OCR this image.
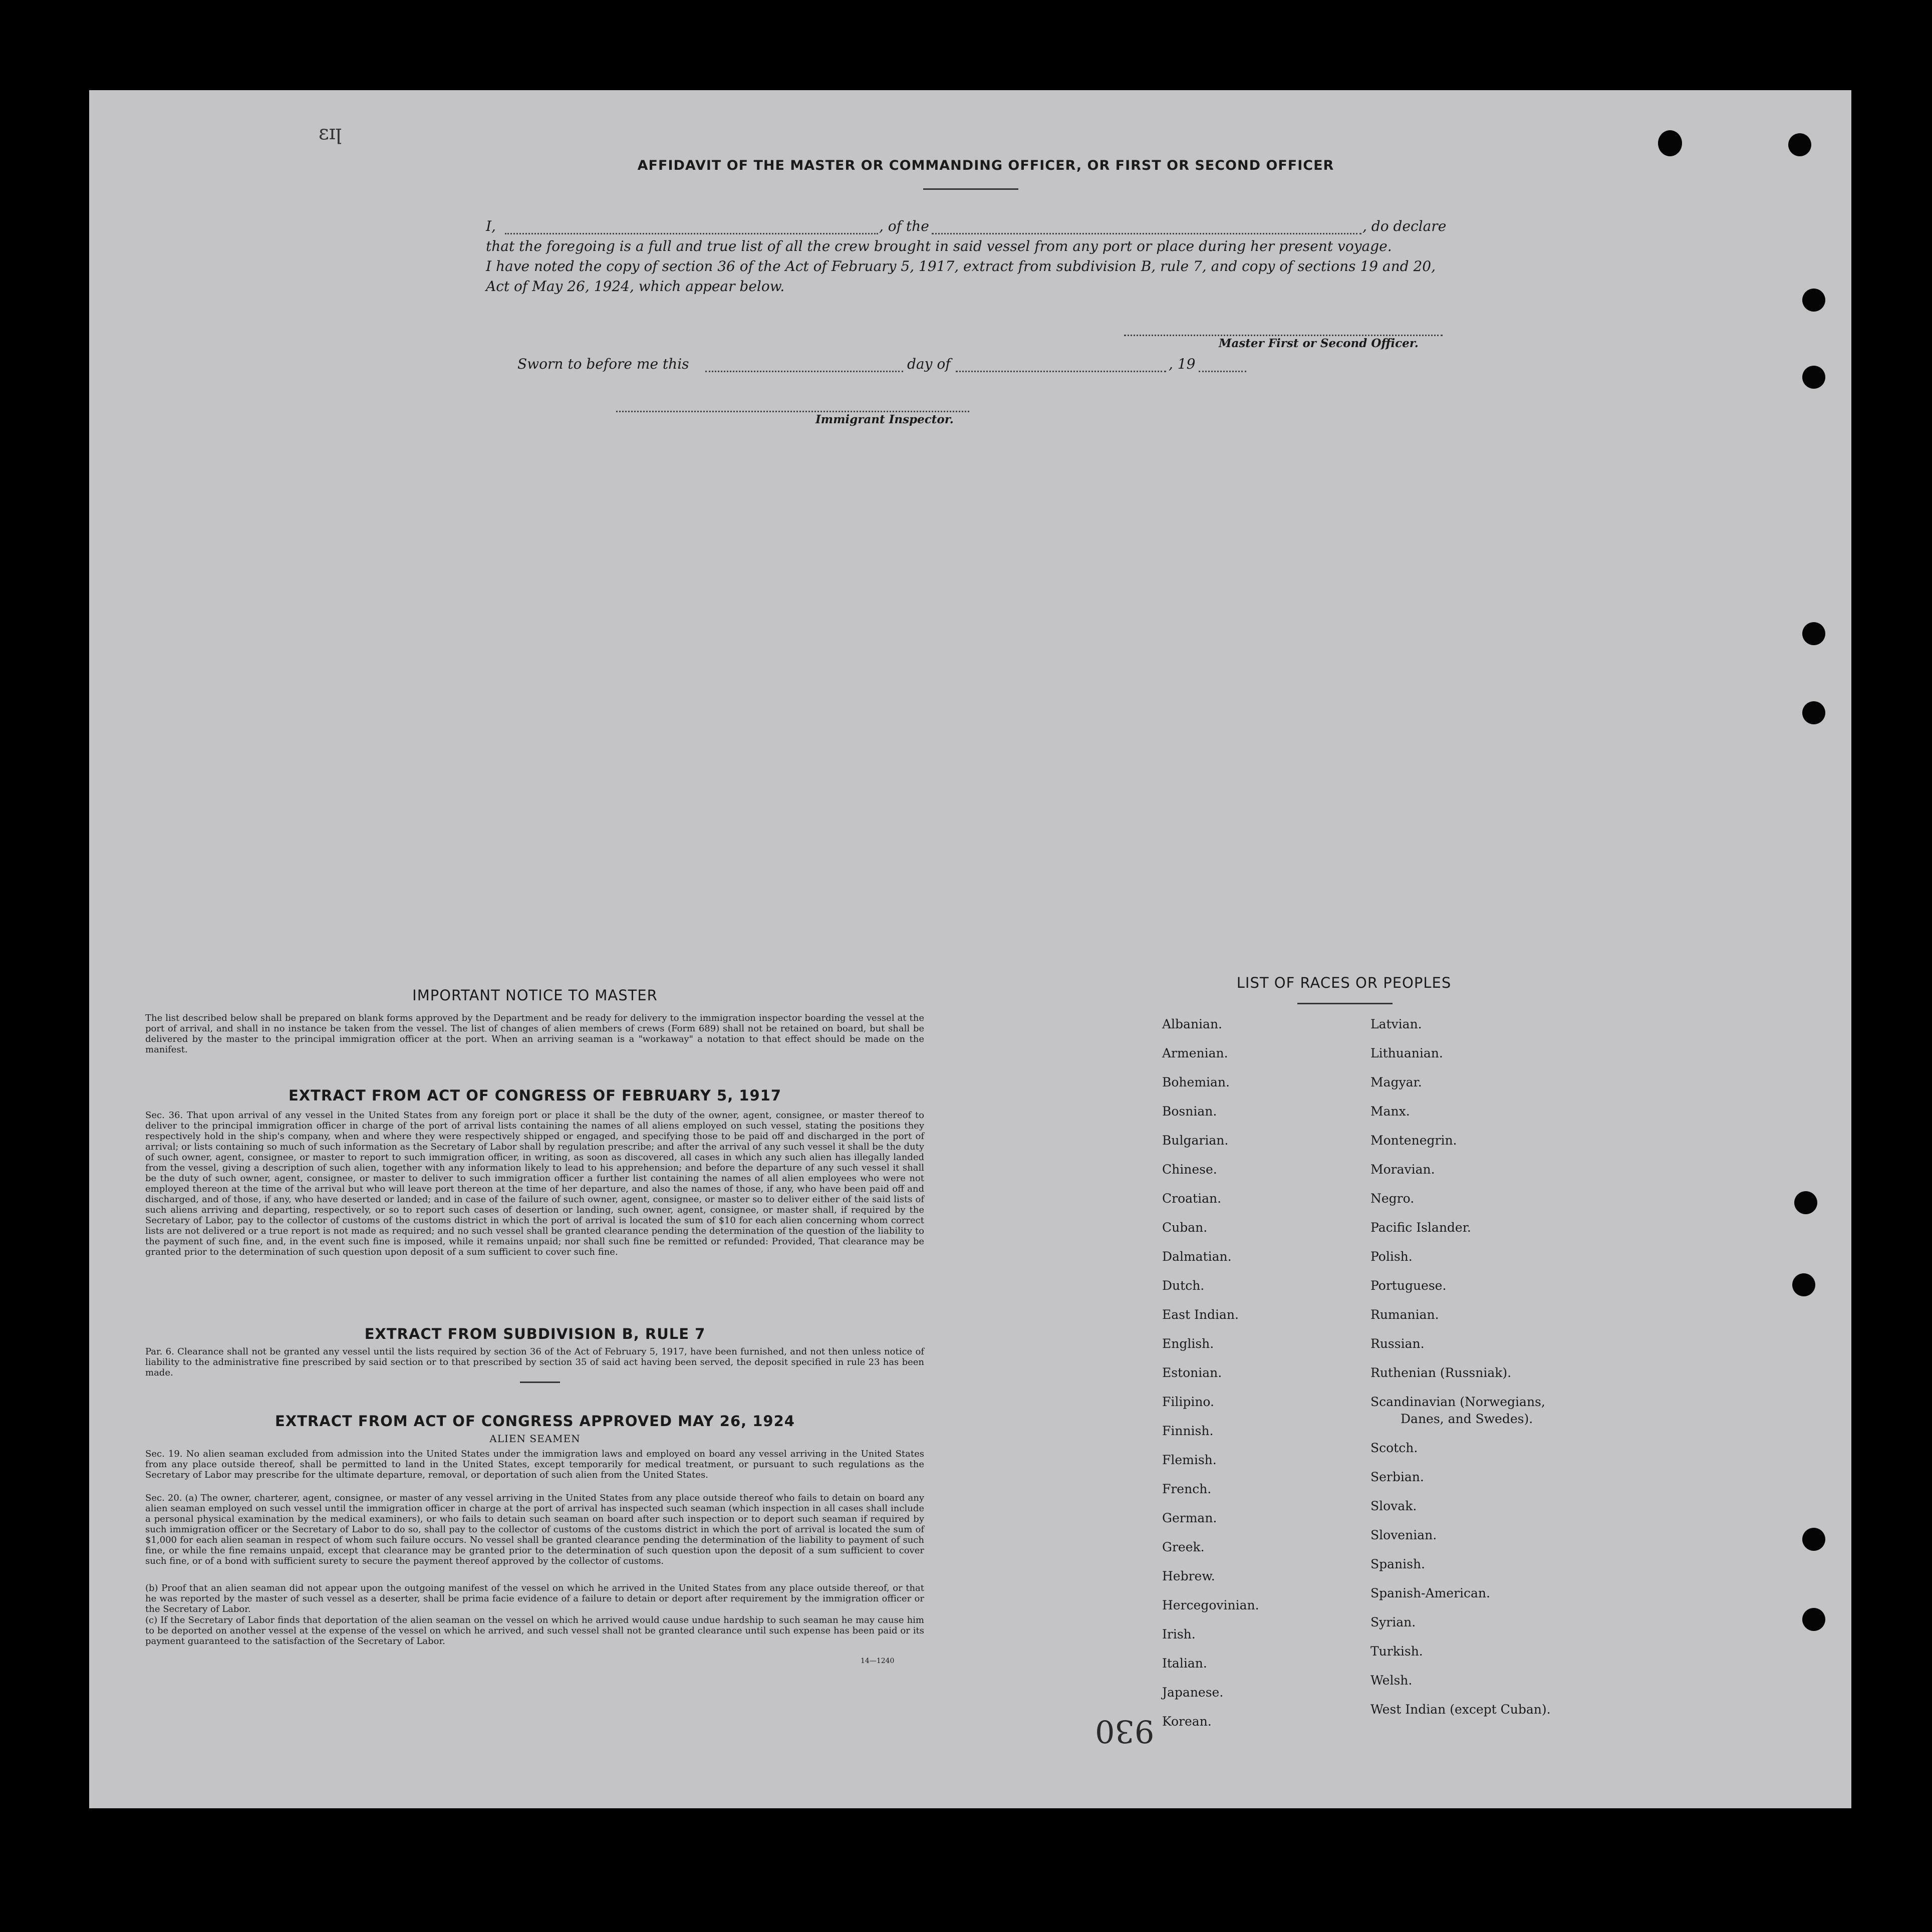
ɛɪꞁ
AFFIDAVIT OF THE MASTER OR COMMANDING OFFICER, OR FIRST OR SECOND OFFICER
I,	, of the	, do declare
that the foregoing is a full and true list of all the crew brought in said vessel from any port or place during her present voyage.
I have noted the copy of section 36 of the Act of February 5, 1917, extract from subdivision B, rule 7, and copy of sections 19 and 20,
Act of May 26, 1924, which appear below.
Master First or Second Officer.
Sworn to before me this	day of	, 19
Immigrant Inspector.
IMPORTANT NOTICE TO MASTER
The list described below shall be prepared on blank forms approved by the Department and be ready for delivery to the immigration inspector boarding the vessel at the port of arrival, and shall in no instance be taken from the vessel. The list of changes of alien members of crews (Form 689) shall not be retained on board, but shall be delivered by the master to the principal immigration officer at the port. When an arriving seaman is a "workaway" a notation to that effect should be made on the manifest.
EXTRACT FROM ACT OF CONGRESS OF FEBRUARY 5, 1917
Sec. 36. That upon arrival of any vessel in the United States from any foreign port or place it shall be the duty of the owner, agent, consignee, or master thereof to deliver to the principal immigration officer in charge of the port of arrival lists containing the names of all aliens employed on such vessel, stating the positions they respectively hold in the ship's company, when and where they were respectively shipped or engaged, and specifying those to be paid off and discharged in the port of arrival; or lists containing so much of such information as the Secretary of Labor shall by regulation prescribe; and after the arrival of any such vessel it shall be the duty of such owner, agent, consignee, or master to report to such immigration officer, in writing, as soon as discovered, all cases in which any such alien has illegally landed from the vessel, giving a description of such alien, together with any information likely to lead to his apprehension; and before the departure of any such vessel it shall be the duty of such owner, agent, consignee, or master to deliver to such immigration officer a further list containing the names of all alien employees who were not employed thereon at the time of the arrival but who will leave port thereon at the time of her departure, and also the names of those, if any, who have been paid off and discharged, and of those, if any, who have deserted or landed; and in case of the failure of such owner, agent, consignee, or master so to deliver either of the said lists of such aliens arriving and departing, respectively, or so to report such cases of desertion or landing, such owner, agent, consignee, or master shall, if required by the Secretary of Labor, pay to the collector of customs of the customs district in which the port of arrival is located the sum of $10 for each alien concerning whom correct lists are not delivered or a true report is not made as required; and no such vessel shall be granted clearance pending the determination of the question of the liability to the payment of such fine, and, in the event such fine is imposed, while it remains unpaid; nor shall such fine be remitted or refunded: Provided, That clearance may be granted prior to the determination of such question upon deposit of a sum sufficient to cover such fine.
EXTRACT FROM SUBDIVISION B, RULE 7
Par. 6. Clearance shall not be granted any vessel until the lists required by section 36 of the Act of February 5, 1917, have been furnished, and not then unless notice of liability to the administrative fine prescribed by said section or to that prescribed by section 35 of said act having been served, the deposit specified in rule 23 has been made.
EXTRACT FROM ACT OF CONGRESS APPROVED MAY 26, 1924
ALIEN SEAMEN
Sec. 19. No alien seaman excluded from admission into the United States under the immigration laws and employed on board any vessel arriving in the United States from any place outside thereof, shall be permitted to land in the United States, except temporarily for medical treatment, or pursuant to such regulations as the Secretary of Labor may prescribe for the ultimate departure, removal, or deportation of such alien from the United States.
Sec. 20. (a) The owner, charterer, agent, consignee, or master of any vessel arriving in the United States from any place outside thereof who fails to detain on board any alien seaman employed on such vessel until the immigration officer in charge at the port of arrival has inspected such seaman (which inspection in all cases shall include a personal physical examination by the medical examiners), or who fails to detain such seaman on board after such inspection or to deport such seaman if required by such immigration officer or the Secretary of Labor to do so, shall pay to the collector of customs of the customs district in which the port of arrival is located the sum of $1,000 for each alien seaman in respect of whom such failure occurs. No vessel shall be granted clearance pending the determination of the liability to payment of such fine, or while the fine remains unpaid, except that clearance may be granted prior to the determination of such question upon the deposit of a sum sufficient to cover such fine, or of a bond with sufficient surety to secure the payment thereof approved by the collector of customs.
(b) Proof that an alien seaman did not appear upon the outgoing manifest of the vessel on which he arrived in the United States from any place outside thereof, or that he was reported by the master of such vessel as a deserter, shall be prima facie evidence of a failure to detain or deport after requirement by the immigration officer or the Secretary of Labor.
(c) If the Secretary of Labor finds that deportation of the alien seaman on the vessel on which he arrived would cause undue hardship to such seaman he may cause him to be deported on another vessel at the expense of the vessel on which he arrived, and such vessel shall not be granted clearance until such expense has been paid or its payment guaranteed to the satisfaction of the Secretary of Labor.
14—1240
LIST OF RACES OR PEOPLES
Albanian.
Armenian.
Bohemian.
Bosnian.
Bulgarian.
Chinese.
Croatian.
Cuban.
Dalmatian.
Dutch.
East Indian.
English.
Estonian.
Filipino.
Finnish.
Flemish.
French.
German.
Greek.
Hebrew.
Hercegovinian.
Irish.
Italian.
Japanese.
Korean.
Latvian.
Lithuanian.
Magyar.
Manx.
Montenegrin.
Moravian.
Negro.
Pacific Islander.
Polish.
Portuguese.
Rumanian.
Russian.
Ruthenian (Russniak).
Scandinavian (Norwegians,
Danes, and Swedes).
Scotch.
Serbian.
Slovak.
Slovenian.
Spanish.
Spanish-American.
Syrian.
Turkish.
Welsh.
West Indian (except Cuban).
930
